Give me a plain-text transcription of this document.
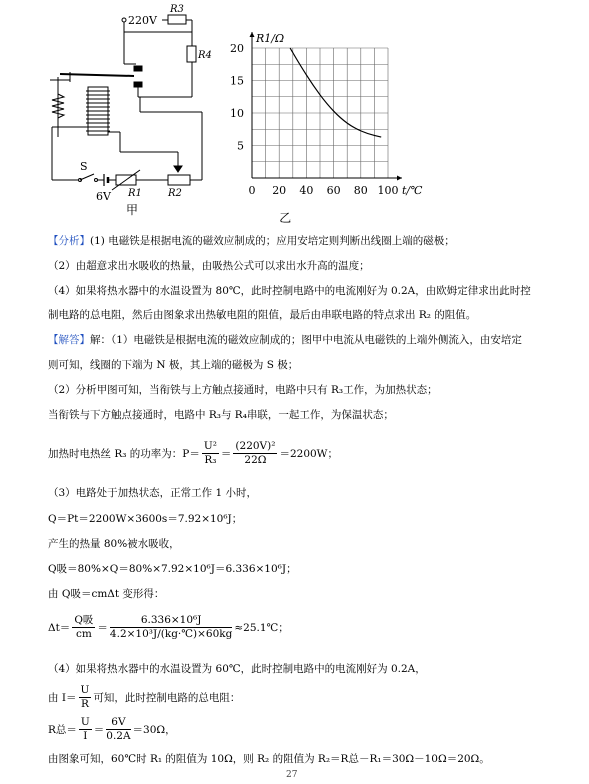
220V
R3
R4
S
6V R1	R2
甲
0 20 40 60 80 100
5
10
15
20
R1/Ω
t/℃
乙
【分析】(1) 电磁铁是根据电流的磁效应制成的；应用安培定则判断出线圈上端的磁极；
（2）由超意求出水吸收的热量，由吸热公式可以求出水升高的温度；
（4）如果将热水器中的水温设置为 80℃，此时控制电路中的电流刚好为 0.2A，由欧姆定律求出此时控
制电路的总电阻，然后由图象求出热敏电阻的阻值，最后由串联电路的特点求出 R₂ 的阻值。
【解答】解：（1）电磁铁是根据电流的磁效应制成的；图甲中电流从电磁铁的上端外侧流入，由安培定
则可知，线圈的下端为 N 极，其上端的磁极为 S 极；
（2）分析甲图可知，当衔铁与上方触点接通时，电路中只有 R₃工作，为加热状态；
当衔铁与下方触点接通时，电路中 R₃与 R₄串联，一起工作，为保温状态；
加热时电热丝 R₃ 的功率为：$P= \frac{\text{U²}}{\text{R₃}} = \frac{\text{(220V)²}}{22\Omega} =2200W$；
（3）电路处于加热状态，正常工作 1 小时，
Q＝Pt＝2200W×3600s＝7.92×10⁶J；
产生的热量 80%被水吸收，
Q吸＝80%×Q＝80%×7.92×10⁶J＝6.336×10⁶J；
由 Q吸＝cmΔt 变形得：
$\Delta t= \frac{\text{Q吸}}{cm} = \frac{\text{6.336×10⁶J}}{\text{4.2×10³J/(kg·℃)×60kg}}$ ≈25.1℃；
（4）如果将热水器中的水温设置为 60℃，此时控制电路中的电流刚好为 0.2A，
由 $I= \frac{U}{R}$ 可知，此时控制电路的总电阻：
R总＝ $\frac{U}{I} = \frac{6V}{0.2A} =30\Omega$，
由图象可知，60℃时 R₁ 的阻值为 10Ω，则 R₂ 的阻值为 R₂＝R总－R₁＝30Ω－10Ω＝20Ω。
27
